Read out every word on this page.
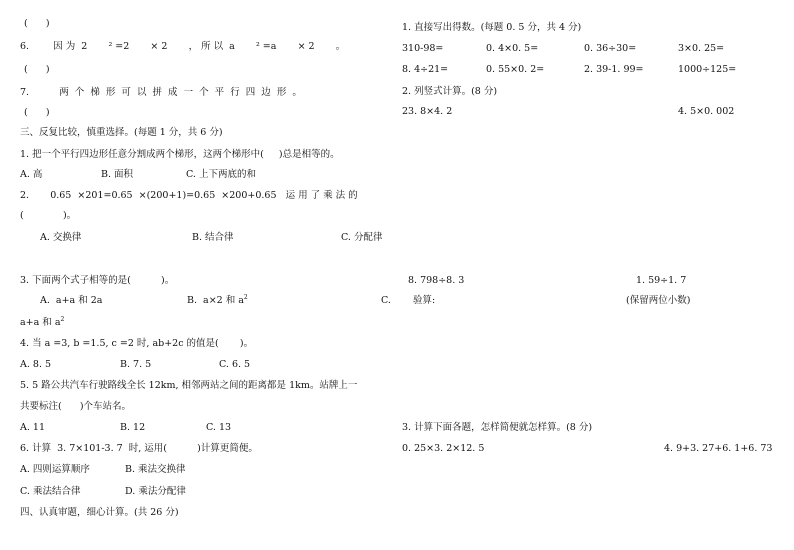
(      )
6.        因 为  2       ² =2       × 2       ， 所 以  a       ² =a       × 2       。
(      )
7.          两  个  梯  形  可  以  拼  成  一  个  平  行  四  边  形  。
(      )
三、反复比较，慎重选择。(每题 1 分，共 6 分)
1. 把一个平行四边形任意分割成两个梯形，这两个梯形中(     )总是相等的。
A. 高	B. 面积	C. 上下两底的和
2.       0.65  ×201=0.65  ×(200+1)=0.65  ×200+0.65   运 用 了 乘 法 的
(             )。
A. 交换律	B. 结合律	C. 分配律
3. 下面两个式子相等的是(          )。
A.  a+a 和 2a	B.  a×2 和 $a^2$	C.
a+a 和 $a^2$
4. 当 a =3, b =1.5, c =2 时, ab+2c 的值是(       )。
A. 8. 5	B. 7. 5	C. 6. 5
5. 5 路公共汽车行驶路线全长 12km, 相邻两站之间的距离都是 1km。站牌上一
共要标注(      )个车站名。
A. 11	B. 12	C. 13
6. 计算  3. 7×101-3. 7  时, 运用(          )计算更简便。
A. 四则运算顺序	B. 乘法交换律
C. 乘法结合律	D. 乘法分配律
四、认真审题，细心计算。(共 26 分)
1. 直接写出得数。(每题 0. 5 分，共 4 分)
310-98=	0. 4×0. 5=	0. 36÷30=	3×0. 25=
8. 4÷21=	0. 55×0. 2=	2. 39-1. 99=	1000÷125=
2. 列竖式计算。(8 分)
23. 8×4. 2	4. 5×0. 002
8. 798÷8. 3	1. 59÷1. 7
验算:	(保留两位小数)
3. 计算下面各题，怎样简便就怎样算。(8 分)
0. 25×3. 2×12. 5	4. 9+3. 27+6. 1+6. 73
